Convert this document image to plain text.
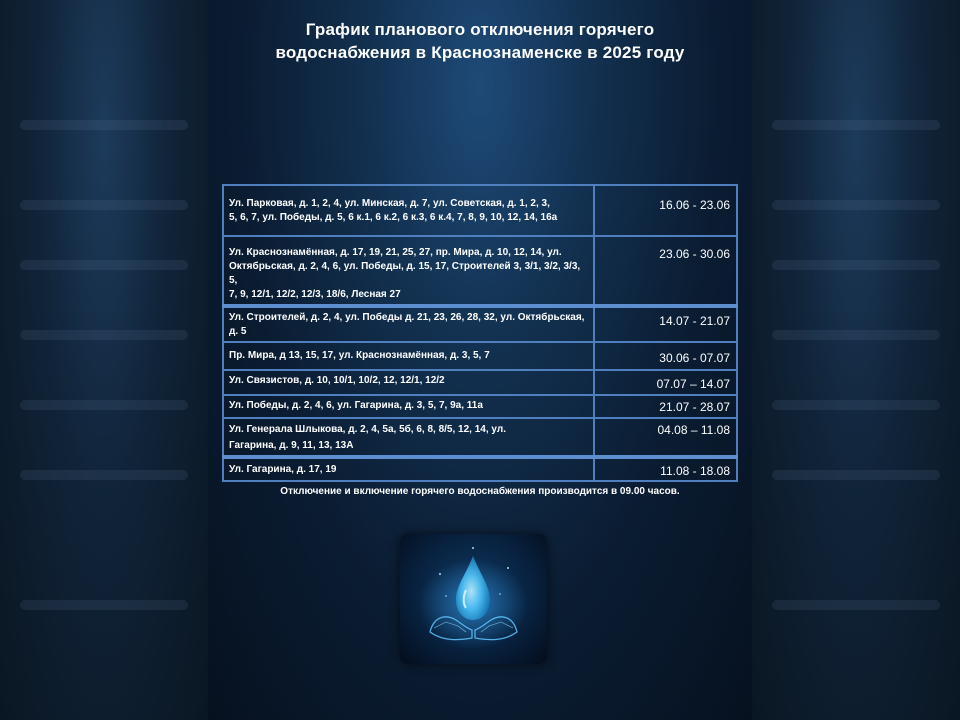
График планового отключения горячего
водоснабжения в Краснознаменске в 2025 году
Ул. Парковая, д. 1, 2, 4, ул. Минская, д. 7, ул. Советская, д. 1, 2, 3,
5, 6, 7, ул. Победы, д. 5, 6 к.1, 6 к.2, 6 к.3, 6 к.4, 7, 8, 9, 10, 12, 14, 16а	16.06 - 23.06

Ул. Краснознамённая, д. 17, 19, 21, 25, 27, пр. Мира, д. 10, 12, 14, ул.
Октябрьская, д. 2, 4, 6, ул. Победы, д. 15, 17, Строителей 3, 3/1, 3/2, 3/3, 5,
7, 9, 12/1, 12/2, 12/3, 18/6, Лесная 27	23.06 - 30.06

Ул. Строителей, д. 2, 4, ул. Победы д. 21, 23, 26, 28, 32, ул. Октябрьская,
д. 5	14.07 - 21.07

Пр. Мира, д 13, 15, 17, ул. Краснознамённая, д. 3, 5, 7	30.06 - 07.07

Ул. Связистов, д. 10, 10/1, 10/2, 12, 12/1, 12/2	07.07 – 14.07

Ул. Победы, д. 2, 4, 6, ул. Гагарина, д. 3, 5, 7, 9а, 11а	21.07 - 28.07

Ул. Генерала Шлыкова, д. 2, 4, 5а, 5б, 6, 8, 8/5, 12, 14, ул.
Гагарина, д. 9, 11, 13, 13А	04.08 – 11.08

Ул. Гагарина, д. 17, 19	11.08 - 18.08
Отключение и включение горячего водоснабжения производится в 09.00 часов.
